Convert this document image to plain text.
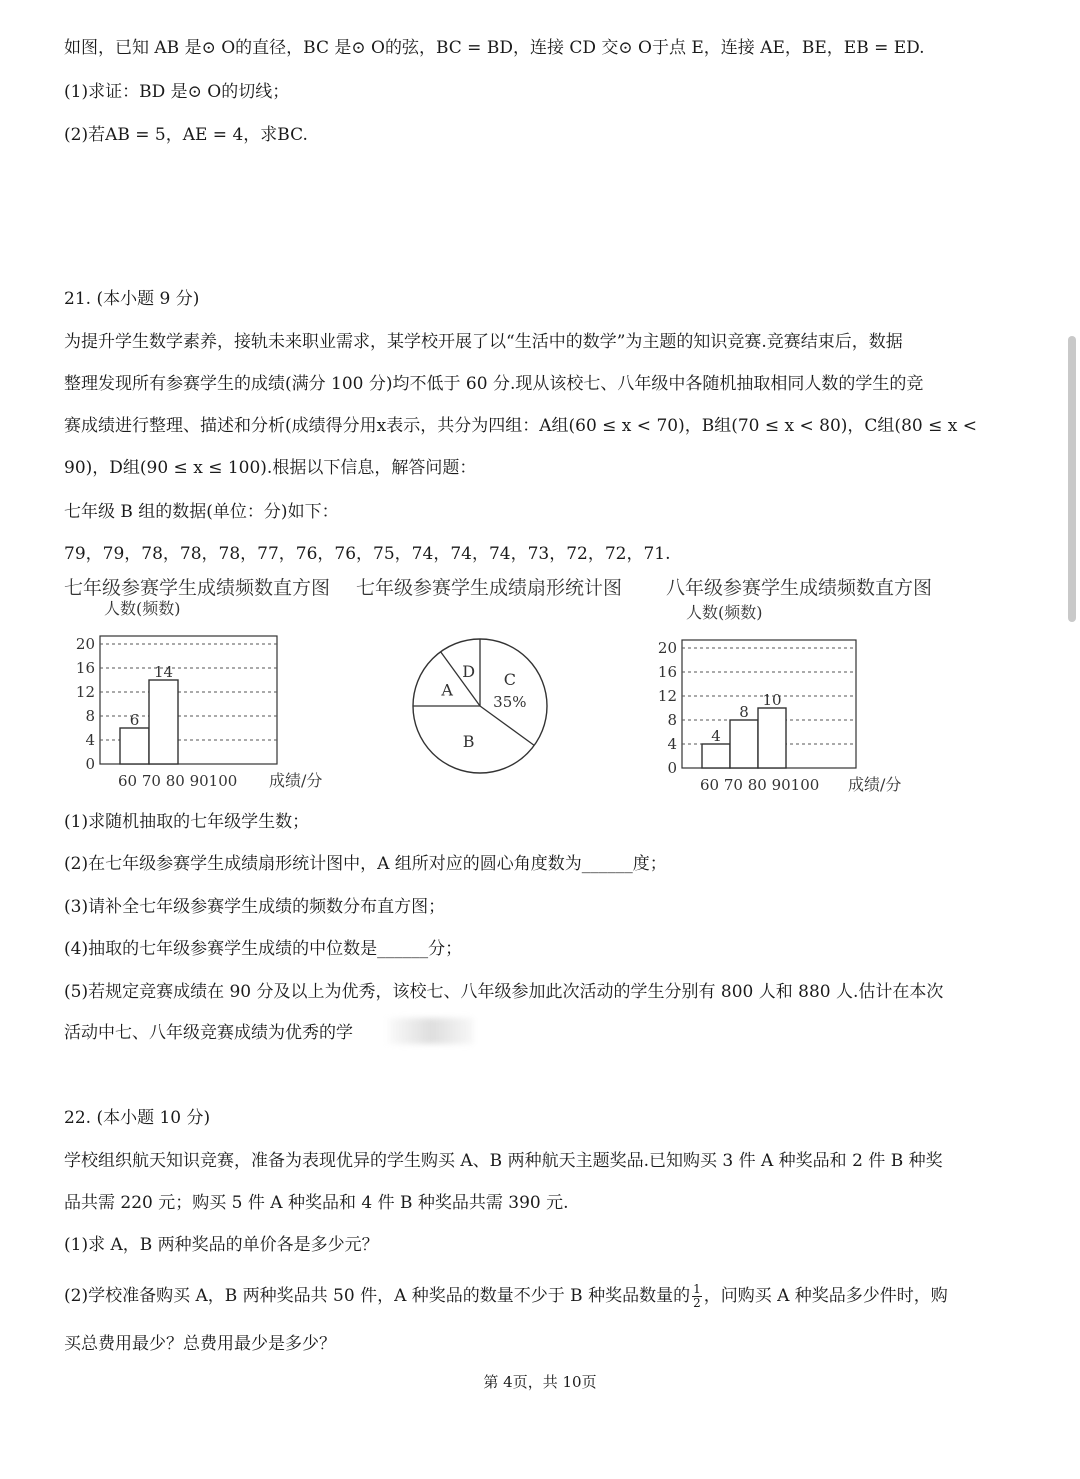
如图，已知 AB 是⊙ O的直径，BC 是⊙ O的弦，BC = BD，连接 CD 交⊙ O于点 E，连接 AE，BE，EB = ED.
(1)求证：BD 是⊙ O的切线；
(2)若AB = 5，AE = 4，求BC.
21. (本小题 9 分)
为提升学生数学素养，接轨未来职业需求，某学校开展了以“生活中的数学”为主题的知识竞赛.竞赛结束后，数据
整理发现所有参赛学生的成绩(满分 100 分)均不低于 60 分.现从该校七、八年级中各随机抽取相同人数的学生的竞
赛成绩进行整理、描述和分析(成绩得分用x表示，共分为四组：A组(60 ≤ x < 70)，B组(70 ≤ x < 80)，C组(80 ≤ x <
90)，D组(90 ≤ x ≤ 100).根据以下信息，解答问题：
七年级 B 组的数据(单位：分)如下：
79，79，78，78，78，77，76，76，75，74，74，74，73，72，72，71.
七年级参赛学生成绩频数直方图 七年级参赛学生成绩扇形统计图 八年级参赛学生成绩频数直方图
人数(频数)
0
4
8
12
16
20
6
14
60 70 80 90100 成绩/分
C
35%
B
A
D
人数(频数)
0
4
8
12
16
20
4
8
10
60 70 80 90100 成绩/分
(1)求随机抽取的七年级学生数；
(2)在七年级参赛学生成绩扇形统计图中，A 组所对应的圆心角度数为______度；
(3)请补全七年级参赛学生成绩的频数分布直方图；
(4)抽取的七年级参赛学生成绩的中位数是______分；
(5)若规定竞赛成绩在 90 分及以上为优秀，该校七、八年级参加此次活动的学生分别有 800 人和 880 人.估计在本次
活动中七、八年级竞赛成绩为优秀的学
22. (本小题 10 分)
学校组织航天知识竞赛，准备为表现优异的学生购买 A、B 两种航天主题奖品.已知购买 3 件 A 种奖品和 2 件 B 种奖
品共需 220 元；购买 5 件 A 种奖品和 4 件 B 种奖品共需 390 元.
(1)求 A，B 两种奖品的单价各是多少元？
(2)学校准备购买 A，B 两种奖品共 50 件，A 种奖品的数量不少于 B 种奖品数量的 $\frac{1}{2}$ ，问购买 A 种奖品多少件时，购
买总费用最少？总费用最少是多少？
第 4页，共 10页
